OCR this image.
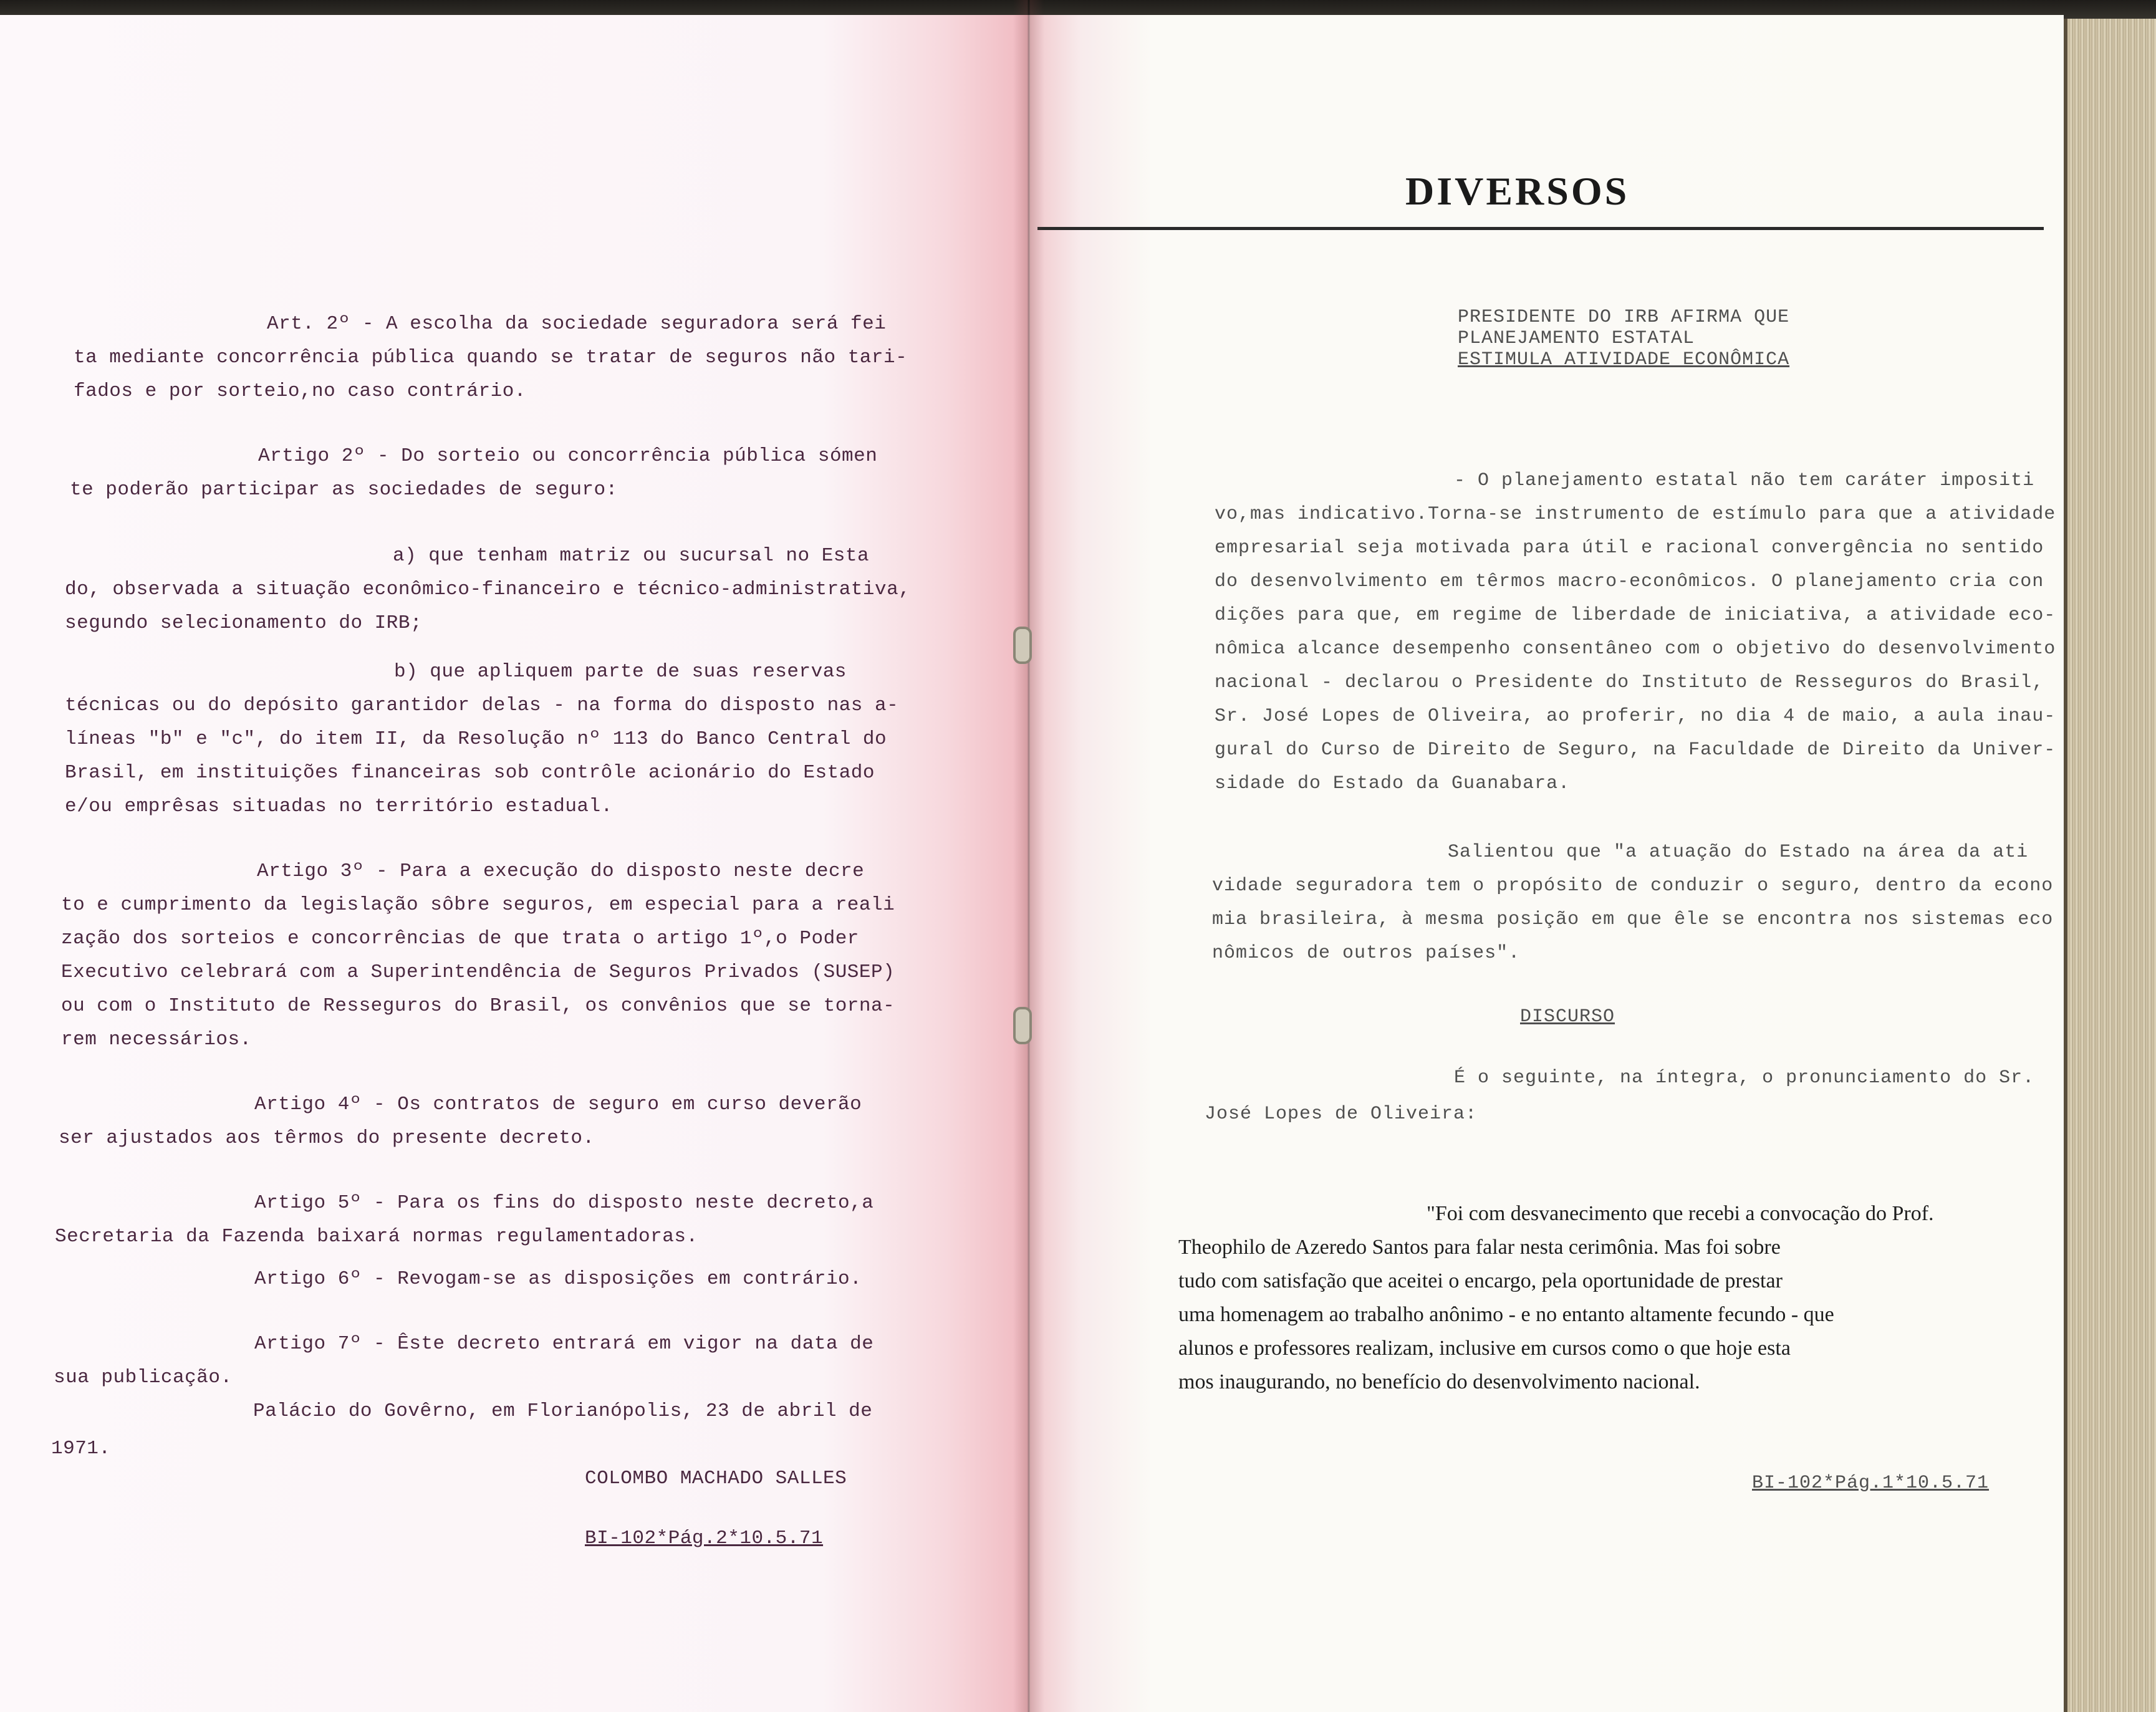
Art. 2º - A escolha da sociedade seguradora será fei
ta mediante concorrência pública quando se tratar de seguros não tari-
fados e por sorteio,no caso contrário.
Artigo 2º - Do sorteio ou concorrência pública sómen
te poderão participar as sociedades de seguro:
a) que tenham matriz ou sucursal no Esta
do, observada a situação econômico-financeiro e técnico-administrativa,
segundo selecionamento do IRB;
b) que apliquem parte de suas reservas
técnicas ou do depósito garantidor delas - na forma do disposto nas a-
líneas "b" e "c", do item II, da Resolução nº 113 do Banco Central do
Brasil, em instituições financeiras sob contrôle acionário do Estado
e/ou emprêsas situadas no território estadual.
Artigo 3º - Para a execução do disposto neste decre
to e cumprimento da legislação sôbre seguros, em especial para a reali
zação dos sorteios e concorrências de que trata o artigo 1º,o Poder
Executivo celebrará com a Superintendência de Seguros Privados (SUSEP)
ou com o Instituto de Resseguros do Brasil, os convênios que se torna-
rem necessários.
Artigo 4º - Os contratos de seguro em curso deverão
ser ajustados aos têrmos do presente decreto.
Artigo 5º - Para os fins do disposto neste decreto,a
Secretaria da Fazenda baixará normas regulamentadoras.
Artigo 6º - Revogam-se as disposições em contrário.
Artigo 7º - Êste decreto entrará em vigor na data de
sua publicação.
Palácio do Govêrno, em Florianópolis, 23 de abril de
1971.
COLOMBO MACHADO SALLES
BI-102*Pág.2*10.5.71
DIVERSOS
PRESIDENTE DO IRB AFIRMA QUE
PLANEJAMENTO ESTATAL
ESTIMULA ATIVIDADE ECONÔMICA
- O planejamento estatal não tem caráter impositi
vo,mas indicativo.Torna-se instrumento de estímulo para que a atividade
empresarial seja motivada para útil e racional convergência no sentido
do desenvolvimento em têrmos macro-econômicos. O planejamento cria con
dições para que, em regime de liberdade de iniciativa, a atividade eco-
nômica alcance desempenho consentâneo com o objetivo do desenvolvimento
nacional - declarou o Presidente do Instituto de Resseguros do Brasil,
Sr. José Lopes de Oliveira, ao proferir, no dia 4 de maio, a aula inau-
gural do Curso de Direito de Seguro, na Faculdade de Direito da Univer-
sidade do Estado da Guanabara.
Salientou que "a atuação do Estado na área da ati
vidade seguradora tem o propósito de conduzir o seguro, dentro da econo
mia brasileira, à mesma posição em que êle se encontra nos sistemas eco
nômicos de outros países".
DISCURSO
É o seguinte, na íntegra, o pronunciamento do Sr.
José Lopes de Oliveira:
"Foi com desvanecimento que recebi a convocação do Prof.
Theophilo de Azeredo Santos para falar nesta cerimônia. Mas foi sobre
tudo com satisfação que aceitei o encargo, pela oportunidade de prestar
uma homenagem ao trabalho anônimo - e no entanto altamente fecundo - que
alunos e professores realizam, inclusive em cursos como o que hoje esta
mos inaugurando, no benefício do desenvolvimento nacional.
BI-102*Pág.1*10.5.71
